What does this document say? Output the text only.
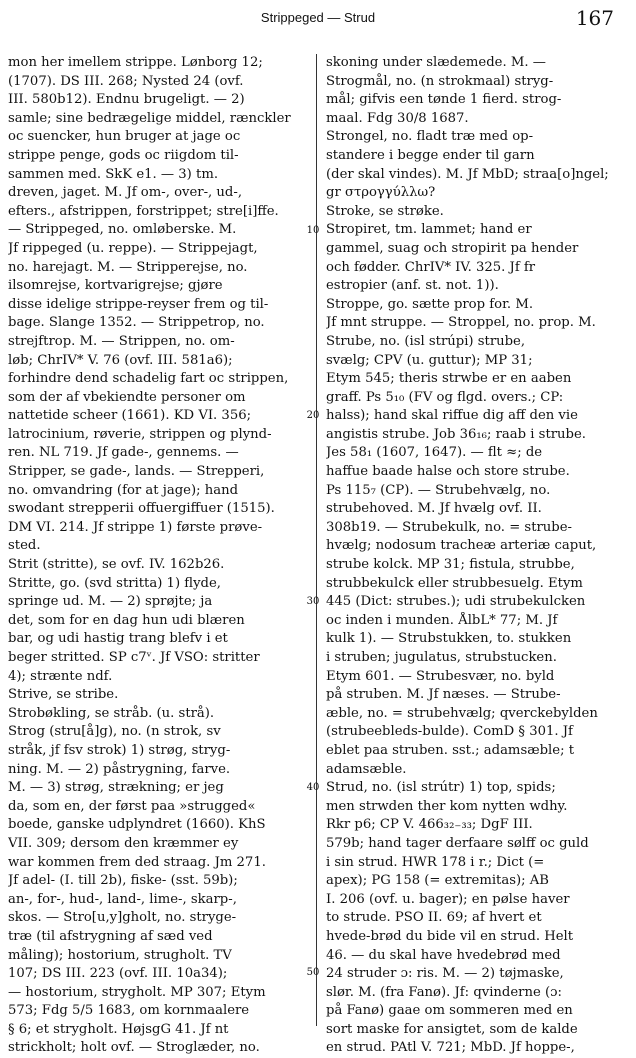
Strippeged — Strud	167
mon her imellem strippe. Lønborg 12;
(1707). DS III. 268; Nysted 24 (ovf.
III. 580b12). Endnu brugeligt. — 2)
samle; sine bedrægelige middel, rænckler
oc suencker, hun bruger at jage oc
strippe penge, gods oc riigdom til-
sammen med. SkK e1. — 3) tm.
dreven, jaget. M. Jf om-, over-, ud-,
efters., afstrippen, forstrippet; stre[i]ffe.
— Strippeged, no. omløberske. M.
Jf rippeged (u. reppe). — Strippejagt,
no. harejagt. M. — Stripperejse, no.
ilsomrejse, kortvarigrejse; gjøre
disse idelige strippe-reyser frem og til-
bage. Slange 1352. — Strippetrop, no.
strejftrop. M. — Strippen, no. om-
løb; ChrIV* V. 76 (ovf. III. 581a6);
forhindre dend schadelig fart oc strippen,
som der af vbekiendte personer om
nattetide scheer (1661). KD VI. 356;
latrocinium, røverie, strippen og plynd-
ren. NL 719. Jf gade-, gennems. —
Stripper, se gade-, lands. — Strepperi,
no. omvandring (for at jage); hand
swodant strepperii offuergiffuer (1515).
DM VI. 214. Jf strippe 1) første prøve-
sted.
Strit (stritte), se ovf. IV. 162b26.
Stritte, go. (svd stritta) 1) flyde,
springe ud. M. — 2) sprøjte; ja
det, som for en dag hun udi blæren
bar, og udi hastig trang blefv i et
beger stritted. SP c7ᵛ. Jf VSO: stritter
4); strænte ndf.
Strive, se stribe.
Strobøkling, se stråb. (u. strå).
Strog (stru[å]g), no. (n strok, sv
stråk, jf fsv strok) 1) strøg, stryg-
ning. M. — 2) påstrygning, farve.
M. — 3) strøg, strækning; er jeg
da, som en, der først paa »strugged«
boede, ganske udplyndret (1660). KhS
VII. 309; dersom den kræmmer ey
war kommen frem ded straag. Jm 271.
Jf adel- (I. till 2b), fiske- (sst. 59b);
an-, for-, hud-, land-, lime-, skarp-,
skos. — Stro[u,y]gholt, no. stryge-
træ (til afstrygning af sæd ved
måling); hostorium, strugholt. TV
107; DS III. 223 (ovf. III. 10a34);
— hostorium, strygholt. MP 307; Etym
573; Fdg 5/5 1683, om kornmaalere
§ 6; et strygholt. HøjsgG 41. Jf nt
strickholt; holt ovf. — Stroglæder, no.
10
20
30
40
50
skoning under slædemede. M. —
Strogmål, no. (n strokmaal) stryg-
mål; gifvis een tønde 1 fierd. strog-
maal. Fdg 30/8 1687.
Strongel, no. fladt træ med op-
standere i begge ender til garn
(der skal vindes). M. Jf MbD; straa[o]ngel;
gr στρογγύλλω?
Stroke, se strøke.
Stropiret, tm. lammet; hand er
gammel, suag och stropirit pa hender
och fødder. ChrIV* IV. 325. Jf fr
estropier (anf. st. not. 1)).
Stroppe, go. sætte prop for. M.
Jf mnt struppe. — Stroppel, no. prop. M.
Strube, no. (isl strúpi) strube,
svælg; CPV (u. guttur); MP 31;
Etym 545; theris strwbe er en aaben
graff. Ps 5₁₀ (FV og flgd. overs.; CP:
halss); hand skal riffue dig aff den vie
angistis strube. Job 36₁₆; raab i strube.
Jes 58₁ (1607, 1647). — flt ≈; de
haffue baade halse och store strube.
Ps 115₇ (CP). — Strubehvælg, no.
strubehoved. M. Jf hvælg ovf. II.
308b19. — Strubekulk, no. = strube-
hvælg; nodosum tracheæ arteriæ caput,
strube kolck. MP 31; fistula, strubbe,
strubbekulck eller strubbesuelg. Etym
445 (Dict: strubes.); udi strubekulcken
oc inden i munden. ÅlbL* 77; M. Jf
kulk 1). — Strubstukken, to. stukken
i struben; jugulatus, strubstucken.
Etym 601. — Strubesvær, no. byld
på struben. M. Jf næses. — Strube-
æble, no. = strubehvælg; qverckebylden
(strubeebleds-bulde). ComD § 301. Jf
eblet paa struben. sst.; adamsæble; t
adamsæble.
Strud, no. (isl strútr) 1) top, spids;
men strwden ther kom nytten wdhy.
Rkr p6; CP V. 466₃₂₋₃₃; DgF III.
579b; hand tager derfaare sølff oc guld
i sin strud. HWR 178 i r.; Dict (=
apex); PG 158 (= extremitas); AB
I. 206 (ovf. u. bager); en pølse haver
to strude. PSO II. 69; af hvert et
hvede-brød du bide vil en strud. Helt
46. — du skal have hvedebrød med
24 struder ɔ: ris. M. — 2) tøjmaske,
slør. M. (fra Fanø). Jf: qvinderne (ɔ:
på Fanø) gaae om sommeren med en
sort maske for ansigtet, som de kalde
en strud. PAtl V. 721; MbD. Jf hoppe-,
